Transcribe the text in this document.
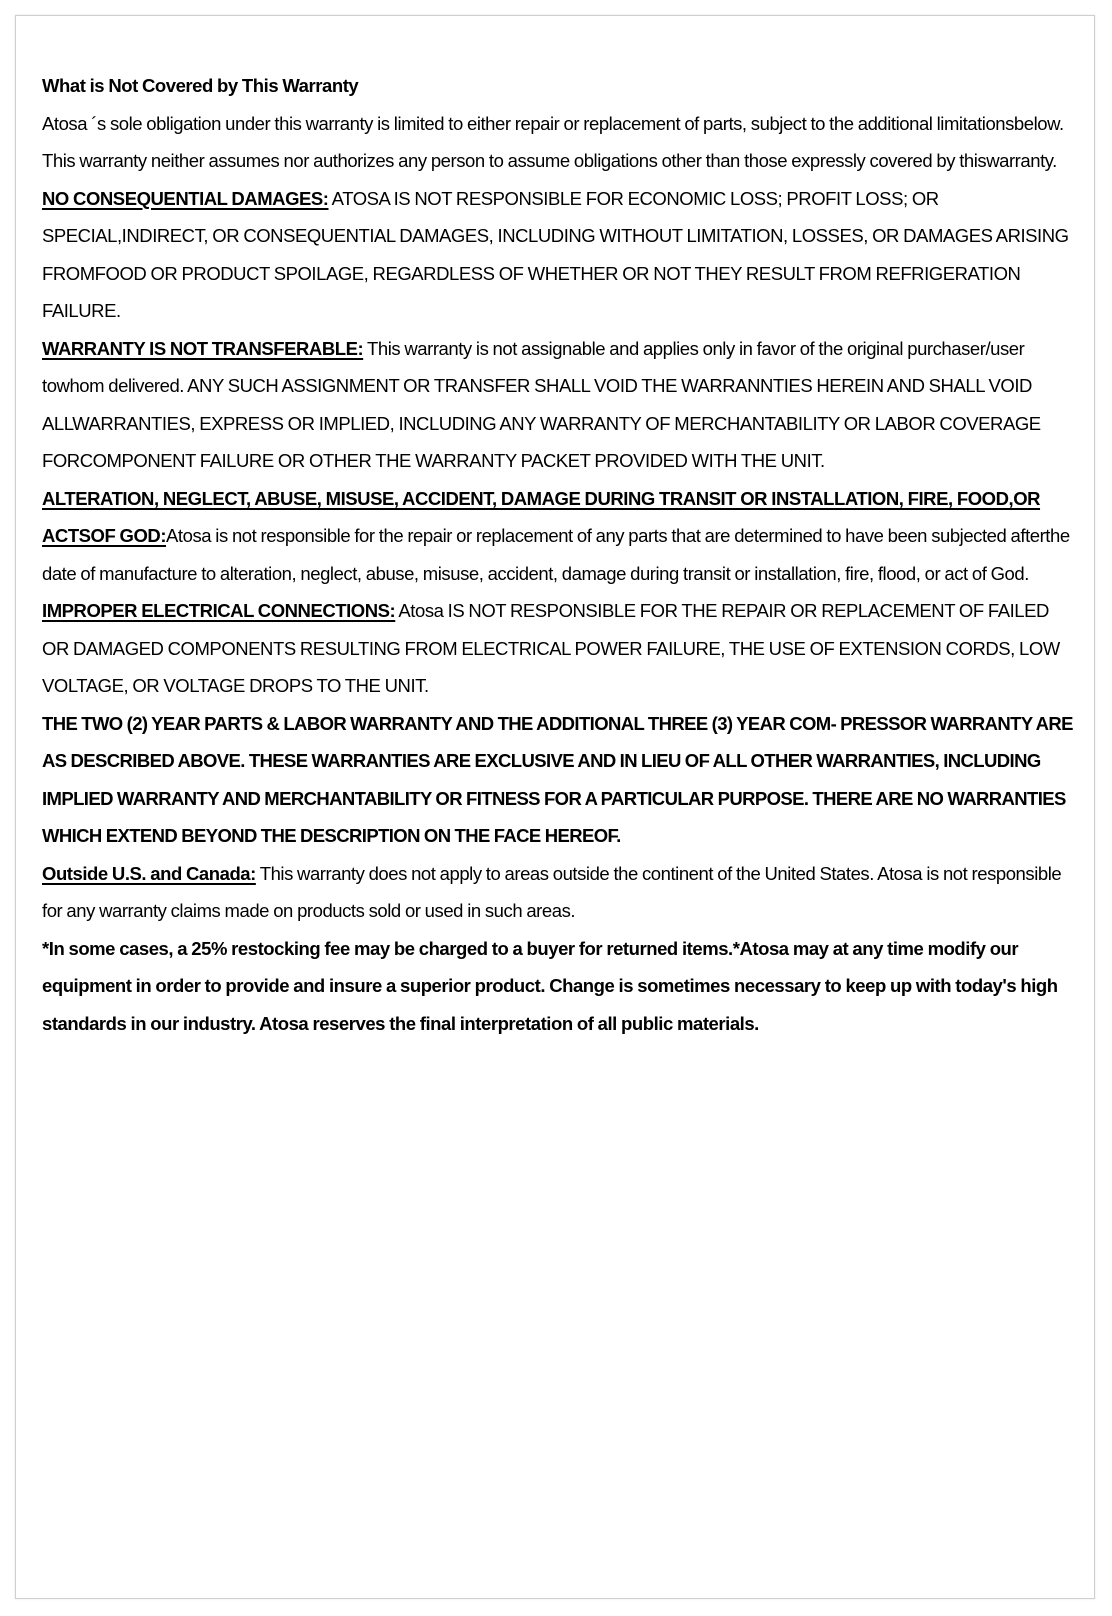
What is Not Covered by This Warranty

Atosa ´s sole obligation under this warranty is limited to either repair or replacement of parts, subject to the additional limitationsbelow. This warranty neither assumes nor authorizes any person to assume obligations other than those expressly covered by thiswarranty.

NO CONSEQUENTIAL DAMAGES: ATOSA IS NOT RESPONSIBLE FOR ECONOMIC LOSS; PROFIT LOSS; OR SPECIAL,INDIRECT, OR CONSEQUENTIAL DAMAGES, INCLUDING WITHOUT LIMITATION, LOSSES, OR DAMAGES ARISING FROMFOOD OR PRODUCT SPOILAGE, REGARDLESS OF WHETHER OR NOT THEY RESULT FROM REFRIGERATION FAILURE.

WARRANTY IS NOT TRANSFERABLE: This warranty is not assignable and applies only in favor of the original purchaser/user towhom delivered. ANY SUCH ASSIGNMENT OR TRANSFER SHALL VOID THE WARRANNTIES HEREIN AND SHALL VOID ALLWARRANTIES, EXPRESS OR IMPLIED, INCLUDING ANY WARRANTY OF MERCHANTABILITY OR LABOR COVERAGE FORCOMPONENT FAILURE OR OTHER THE WARRANTY PACKET PROVIDED WITH THE UNIT.

ALTERATION, NEGLECT, ABUSE, MISUSE, ACCIDENT, DAMAGE DURING TRANSIT OR INSTALLATION, FIRE, FOOD,OR ACTSOF GOD:Atosa is not responsible for the repair or replacement of any parts that are determined to have been subjected afterthe date of manufacture to alteration, neglect, abuse, misuse, accident, damage during transit or installation, fire, flood, or act of God.

IMPROPER ELECTRICAL CONNECTIONS: Atosa IS NOT RESPONSIBLE FOR THE REPAIR OR REPLACEMENT OF FAILED OR DAMAGED COMPONENTS RESULTING FROM ELECTRICAL POWER FAILURE, THE USE OF EXTENSION CORDS, LOW VOLTAGE, OR VOLTAGE DROPS TO THE UNIT.

THE TWO (2) YEAR PARTS & LABOR WARRANTY AND THE ADDITIONAL THREE (3) YEAR COM- PRESSOR WARRANTY ARE AS DESCRIBED ABOVE. THESE WARRANTIES ARE EXCLUSIVE AND IN LIEU OF ALL OTHER WARRANTIES, INCLUDING IMPLIED WARRANTY AND MERCHANTABILITY OR FITNESS FOR A PARTICULAR PURPOSE. THERE ARE NO WARRANTIES WHICH EXTEND BEYOND THE DESCRIPTION ON THE FACE HEREOF.

Outside U.S. and Canada: This warranty does not apply to areas outside the continent of the United States. Atosa is not responsible for any warranty claims made on products sold or used in such areas.

*In some cases, a 25% restocking fee may be charged to a buyer for returned items.*Atosa may at any time modify our equipment in order to provide and insure a superior product. Change is sometimes necessary to keep up with today's high standards in our industry. Atosa reserves the final interpretation of all public materials.
